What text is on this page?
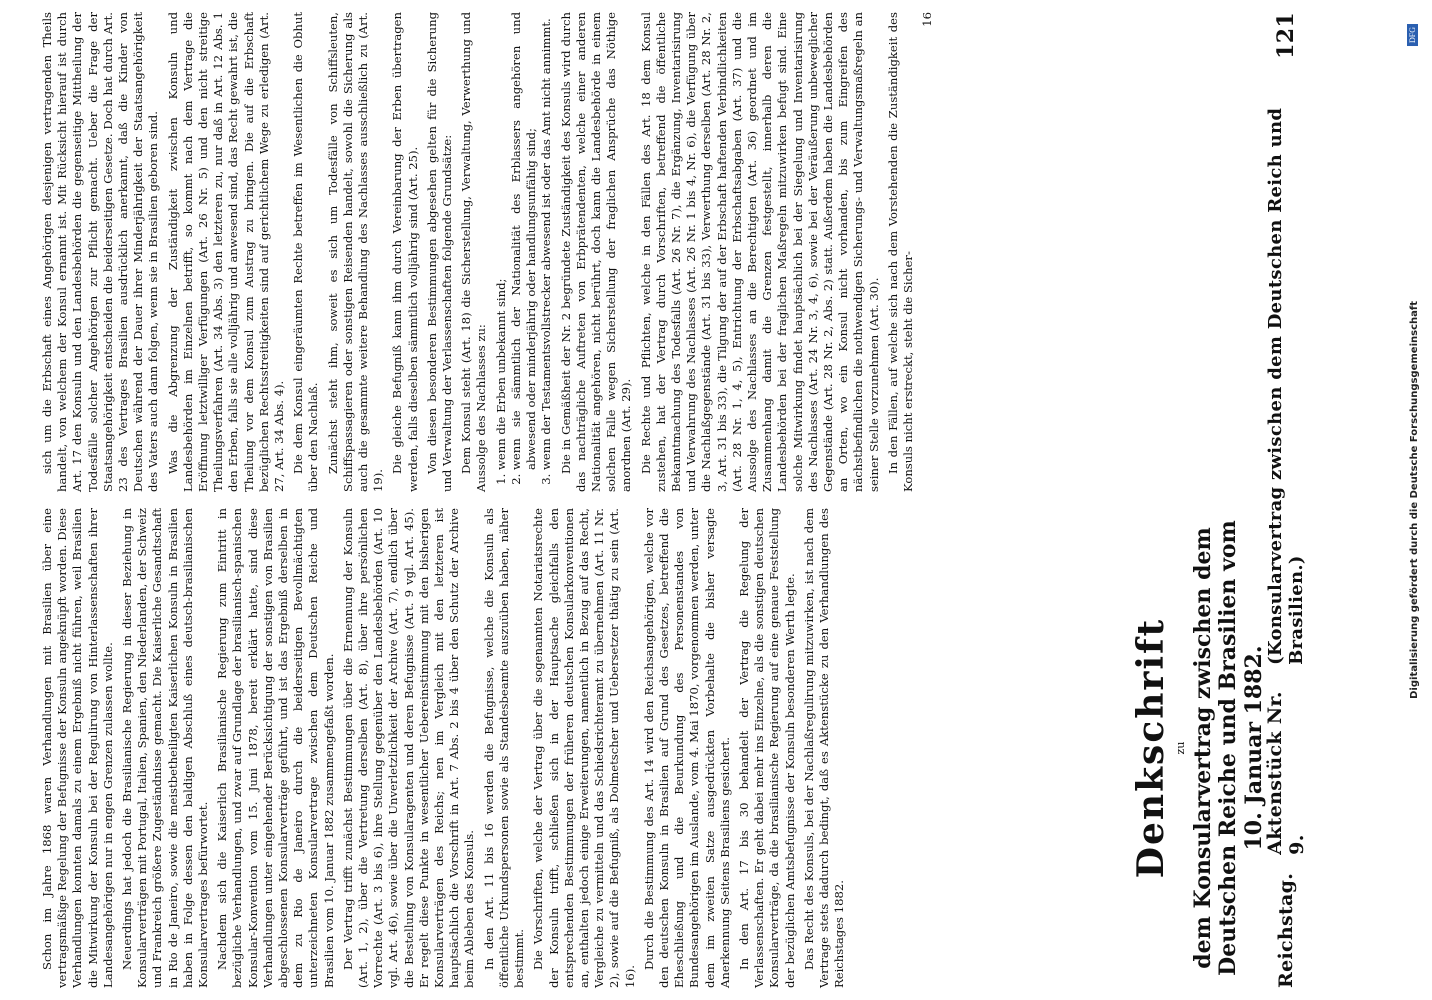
Reichstag.
Aktenstück Nr. 9.
(Konsularvertrag zwischen dem Deutschen Reich und Brasilien.)
121
Denkschrift zu dem Konsularvertrag zwischen dem Deutschen Reiche und Brasilien vom 10. Januar 1882.

Schon im Jahre 1868 waren Verhandlungen mit Brasilien über eine vertragsmäßige Regelung der Befugnisse der Konsuln angeknüpft worden. Diese Verhandlungen konnten damals zu einem Ergebniß nicht führen, weil Brasilien die Mitwirkung der Konsuln bei der Regulirung von Hinterlassenschaften ihrer Landesangehörigen nur in engen Grenzen zulassen wollte. Neuerdings hat jedoch die Brasilianische Regierung in dieser Beziehung in Konsularverträgen mit Portugal, Italien, Spanien, den Niederlanden, der Schweiz und Frankreich größere Zugeständnisse gemacht. Die Kaiserliche Gesandtschaft in Rio de Janeiro, sowie die meistbetheiligten Kaiserlichen Konsuln in Brasilien haben in Folge dessen den baldigen Abschluß eines deutsch-brasilianischen Konsularvertrages befürwortet. Nachdem sich die Kaiserlich Brasilianische Regierung zum Eintritt in bezügliche Verhandlungen, und zwar auf Grundlage der brasilianisch-spanischen Konsular-Konvention vom 15. Juni 1878, bereit erklärt hatte, sind diese Verhandlungen unter eingehender Berücksichtigung der sonstigen von Brasilien abgeschlossenen Konsularverträge geführt, und ist das Ergebniß derselben in dem zu Rio de Janeiro durch die beiderseitigen Bevollmächtigten unterzeichneten Konsularvertrage zwischen dem Deutschen Reiche und Brasilien vom 10. Januar 1882 zusammengefaßt worden. Der Vertrag trifft zunächst Bestimmungen über die Ernennung der Konsuln (Art. 1, 2), über die Vertretung derselben (Art. 8), über ihre persönlichen Vorrechte (Art. 3 bis 6), ihre Stellung gegenüber den Landesbehörden (Art. 10 vgl. Art. 46), sowie über die Unverletzlichkeit der Archive (Art. 7), endlich über die Bestellung von Konsularagenten und deren Befugnisse (Art. 9 vgl. Art. 45). Er regelt diese Punkte in wesentlicher Uebereinstimmung mit den bisherigen Konsularverträgen des Reichs; nen im Vergleich mit den letzteren ist hauptsächlich die Vorschrift in Art. 7 Abs. 2 bis 4 über den Schutz der Archive beim Ableben des Konsuls. In den Art. 11 bis 16 werden die Befugnisse, welche die Konsuln als öffentliche Urkundspersonen sowie als Standesbeamte auszuüben haben, näher bestimmt. Die Vorschriften, welche der Vertrag über die sogenannten Notariatsrechte der Konsuln trifft, schließen sich in der Hauptsache gleichfalls den entsprechenden Bestimmungen der früheren deutschen Konsularkonventionen an, enthalten jedoch einige Erweiterungen, namentlich in Bezug auf das Recht, Vergleiche zu vermitteln und das Schiedsrichteramt zu übernehmen (Art. 11 Nr. 2), sowie auf die Befugniß, als Dolmetscher und Uebersetzer thätig zu sein (Art. 16).

Durch die Bestimmung des Art. 14 wird den Reichsangehörigen, welche vor den deutschen Konsuln in Brasilien auf Grund des Gesetzes, betreffend die Eheschließung und die Beurkundung des Personenstandes von Bundesangehörigen im Auslande, vom 4. Mai 1870, vorgenommen werden, unter dem im zweiten Satze ausgedrückten Vorbehalte die bisher versagte Anerkennung Seitens Brasiliens gesichert. In den Art. 17 bis 30 behandelt der Vertrag die Regelung der Verlassenschaften. Er geht dabei mehr ins Einzelne, als die sonstigen deutschen Konsularverträge, da die brasilianische Regierung auf eine genaue Feststellung der bezüglichen Amtsbefugnisse der Konsuln besonderen Werth legte. Das Recht des Konsuls, bei der Nachlaßregulirung mitzuwirken, ist nach dem Vertrage stets dadurch bedingt, daß es Aktenstücke zu den Verhandlungen des Reichstages 1882.

sich um die Erbschaft eines Angehörigen desjenigen vertragenden Theils handelt, von welchem der Konsul ernannt ist. Mit Rücksicht hierauf ist durch Art. 17 den Konsuln und den Landesbehörden die gegenseitige Mittheilung der Todesfälle solcher Angehörigen zur Pflicht gemacht. Ueber die Frage der Staatsangehörigkeit entscheiden die beiderseitigen Gesetze. Doch hat durch Art. 23 des Vertrages Brasilien ausdrücklich anerkannt, daß die Kinder von Deutschen während der Dauer ihrer Minderjährigkeit der Staatsangehörigkeit des Vaters auch dann folgen, wenn sie in Brasilien geboren sind. Was die Abgrenzung der Zuständigkeit zwischen Konsuln und Landesbehörden im Einzelnen betrifft, so kommt nach dem Vertrage die Eröffnung letztwilliger Verfügungen (Art. 26 Nr. 5) und den nicht streitige Theilungsverfahren (Art. 34 Abs. 3) den letzteren zu, nur daß in Art. 12 Abs. 1 den Erben, falls sie alle volljährig und anwesend sind, das Recht gewahrt ist, die Theilung vor dem Konsul zum Austrag zu bringen. Die auf die Erbschaft bezüglichen Rechtsstreitigkeiten sind auf gerichtlichem Wege zu erledigen (Art. 27, Art. 34 Abs. 4). Die dem Konsul eingeräumten Rechte betreffen im Wesentlichen die Obhut über den Nachlaß. Zunächst steht ihm, soweit es sich um Todesfälle von Schiffsleuten, Schiffspassagieren oder sonstigen Reisenden handelt, sowohl die Sicherung als auch die gesammte weitere Behandlung des Nachlasses ausschließlich zu (Art. 19).

Die gleiche Befugniß kann ihm durch Vereinbarung der Erben übertragen werden, falls dieselben sämmtlich volljährig sind (Art. 25). Von diesen besonderen Bestimmungen abgesehen gelten für die Sicherung und Verwaltung der Verlassenschaften folgende Grundsätze: Dem Konsul steht (Art. 18) die Sicherstellung, Verwaltung, Verwerthung und Aussolge des Nachlasses zu: 1. wenn die Erben unbekannt sind; 2. wenn sie sämmtlich der Nationalität des Erblassers angehören und abwesend oder minderjährig oder handlungsunfähig sind; 3. wenn der Testamentsvollstrecker abwesend ist oder das Amt nicht annimmt. Die in Gemäßheit der Nr. 2 begründete Zuständigkeit des Konsuls wird durch das nachträgliche Auftreten von Erbprätendenten, welche einer anderen Nationalität angehören, nicht berührt, doch kann die Landesbehörde in einem solchen Falle wegen Sicherstellung der fraglichen Ansprüche das Nöthige anordnen (Art. 29). Die Rechte und Pflichten, welche in den Fällen des Art. 18 dem Konsul zustehen, hat der Vertrag durch Vorschriften, betreffend die öffentliche Bekanntmachung des Todesfalls (Art. 26 Nr. 7), die Ergänzung, Inventarisirung und Verwahrung des Nachlasses (Art. 26 Nr. 1 bis 4, Nr. 6), die Verfügung über die Nachlaßgegenstände (Art. 31 bis 33), Verwerthung derselben (Art. 28 Nr. 2, 3, Art. 31 bis 33), die Tilgung der auf der Erbschaft haftenden Verbindlichkeiten (Art. 28 Nr. 1, 4, 5), Entrichtung der Erbschaftsabgaben (Art. 37) und die Aussolge des Nachlasses an die Berechtigten (Art. 36) geordnet und im Zusammenhang damit die Grenzen festgestellt, innerhalb deren die Landesbehörden bei der fraglichen Maßregeln mitzuwirken befugt sind. Eine solche Mitwirkung findet hauptsächlich bei der Siegelung und Inventarisirung des Nachlasses (Art. 24 Nr. 3, 4, 6), sowie bei der Veräußerung unbeweglicher Gegenstände (Art. 28 Nr. 2, Abs. 2) statt. Außerdem haben die Landesbehörden an Orten, wo ein Konsul nicht vorhanden, bis zum Eingreifen des nächstbefindlichen die nothwendigen Sicherungs- und Verwaltungsmaßregeln an seiner Stelle vorzunehmen (Art. 30). In den Fällen, auf welche sich nach dem Vorstehenden die Zuständigkeit des Konsuls nicht erstreckt, steht die Sicher-

16

DFG
Digitalisierung gefördert durch die Deutsche Forschungsgemeinschaft
